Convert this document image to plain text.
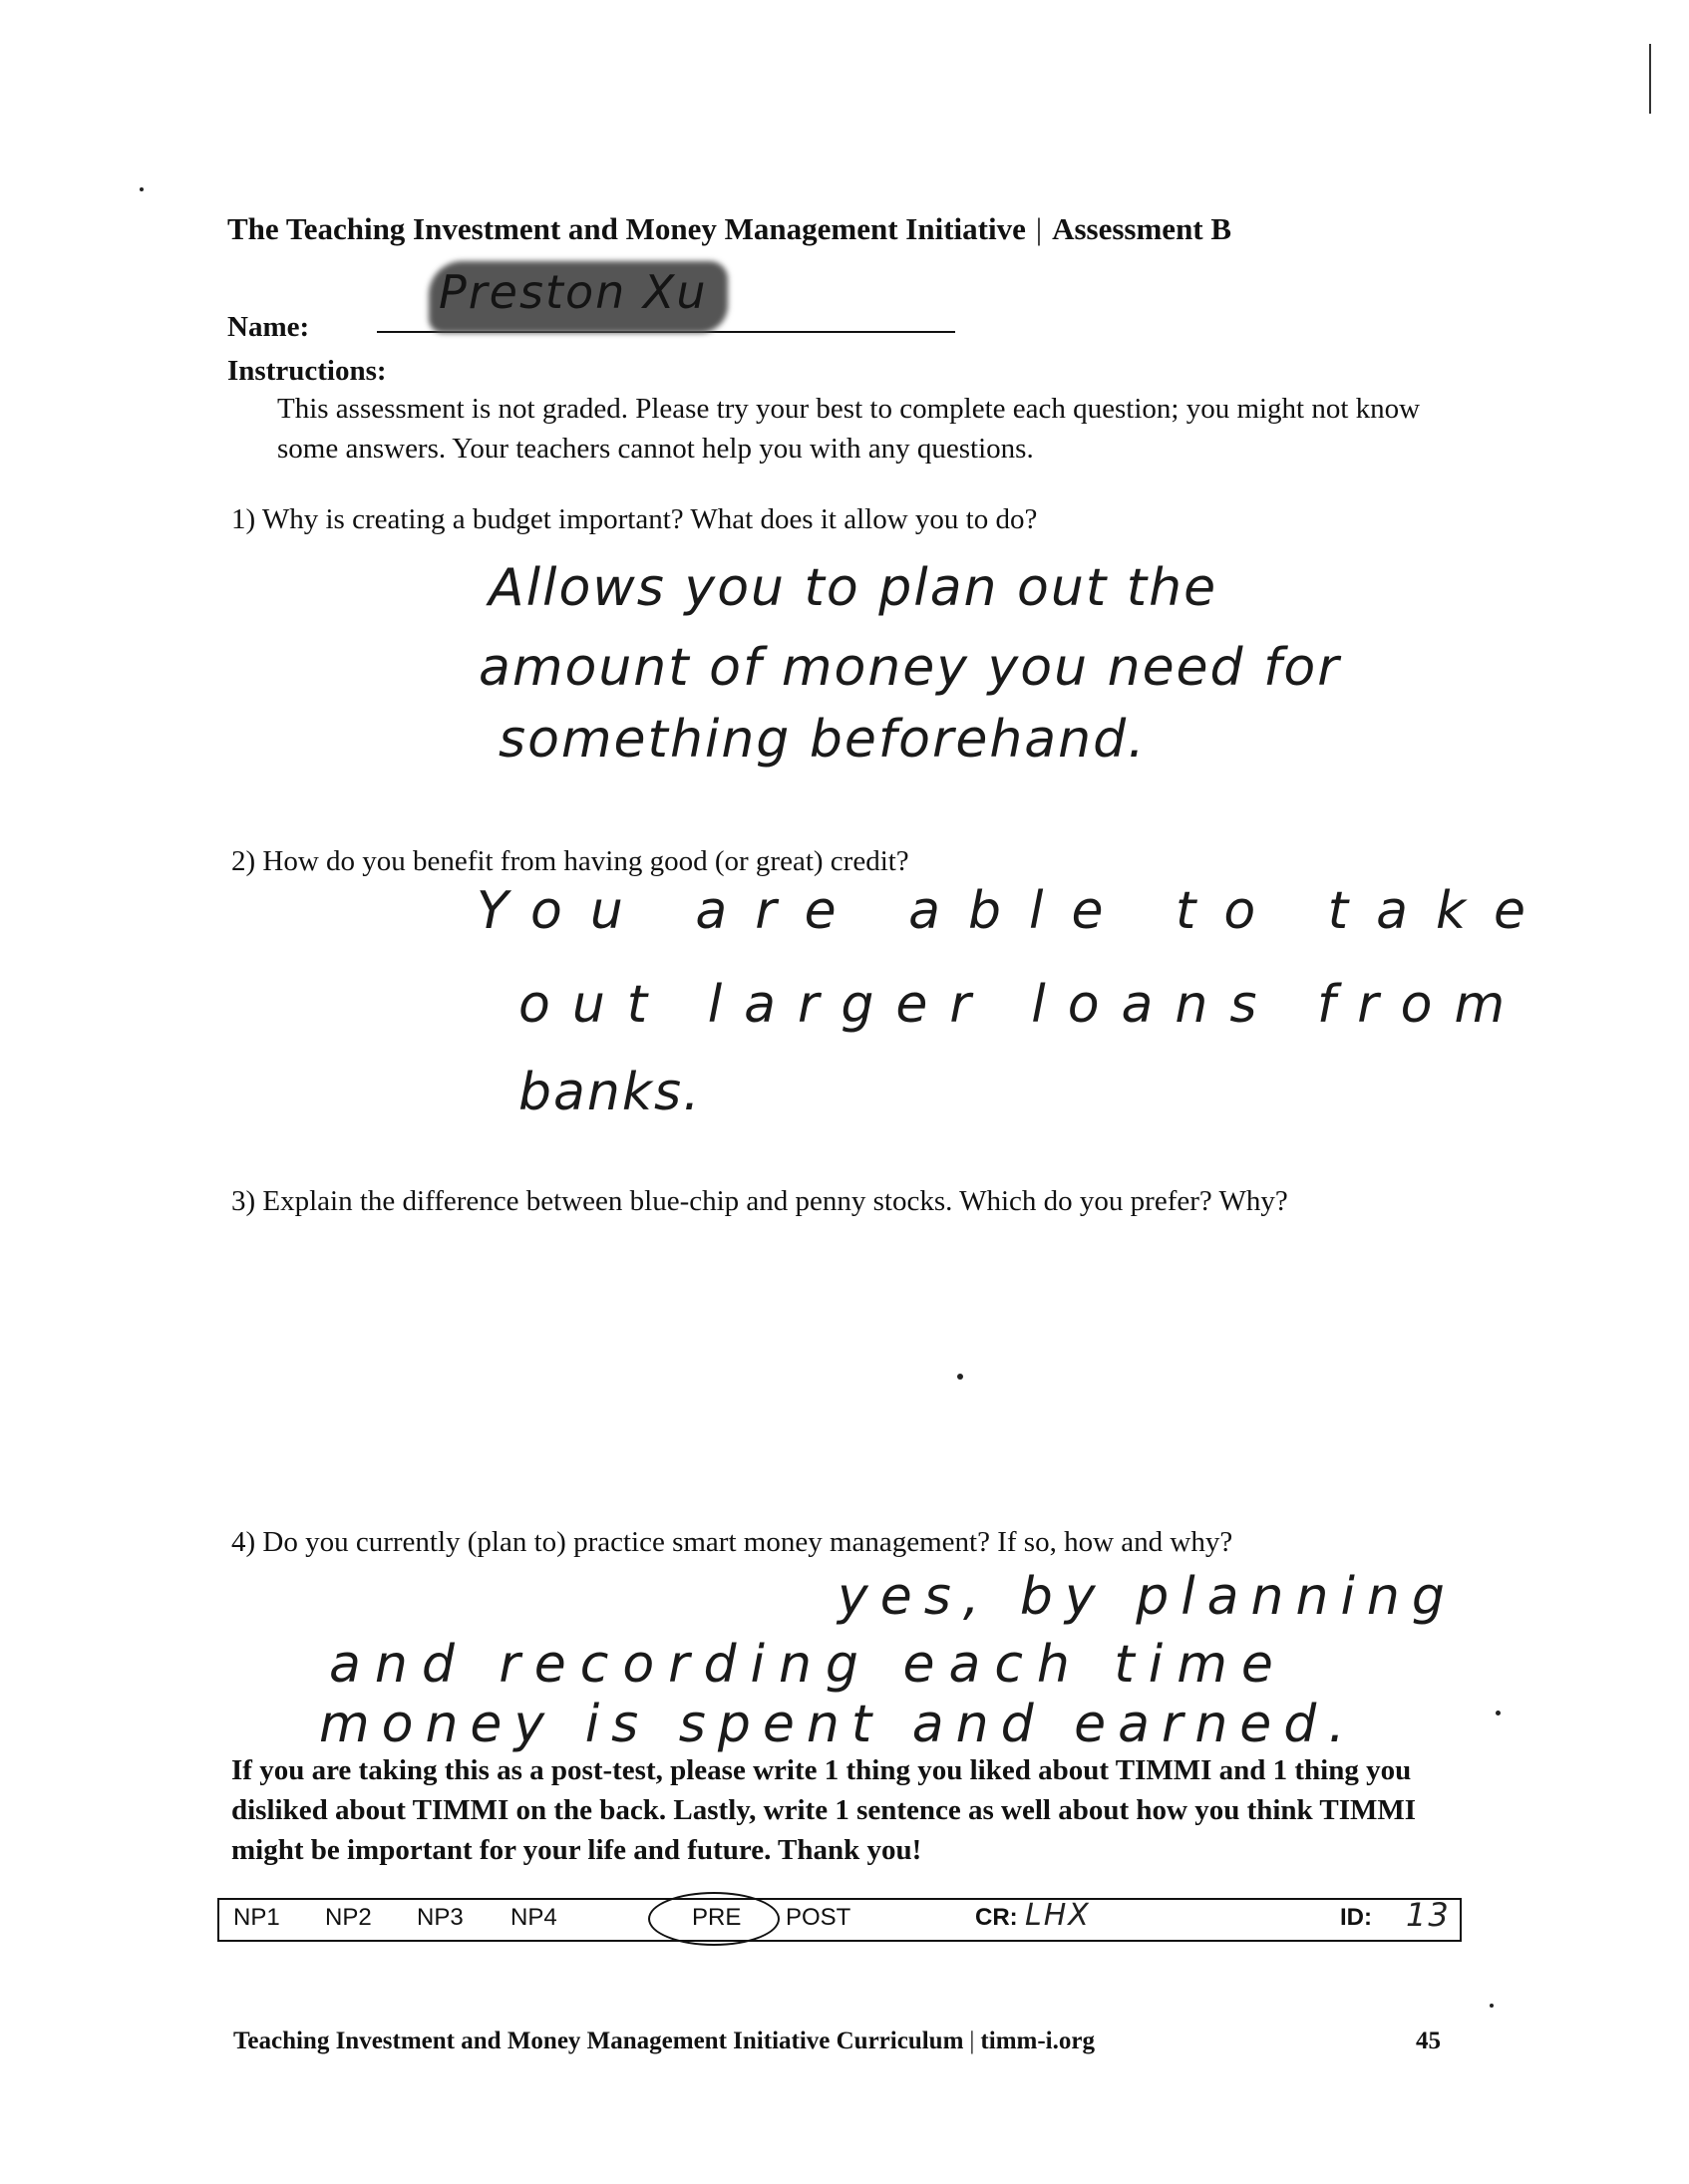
The Teaching Investment and Money Management Initiative | Assessment B
Name:
Preston Xu
Instructions:
This assessment is not graded. Please try your best to complete each question; you might not know some answers. Your teachers cannot help you with any questions.
1) Why is creating a budget important? What does it allow you to do?
Allows you to plan out the
amount of money you need for
something beforehand.
2) How do you benefit from having good (or great) credit?
You are able to take
out larger loans from
banks.
3) Explain the difference between blue-chip and penny stocks. Which do you prefer? Why?
4) Do you currently (plan to) practice smart money management? If so, how and why?
yes, by planning
and recording each time
money is spent and earned.
If you are taking this as a post-test, please write 1 thing you liked about TIMMI and 1 thing you disliked about TIMMI on the back. Lastly, write 1 sentence as well about how you think TIMMI might be important for your life and future. Thank you!
NP1 NP2 NP3 NP4	PRE POST	CR: LHX	ID: 13
Teaching Investment and Money Management Initiative Curriculum | timm-i.org	45
